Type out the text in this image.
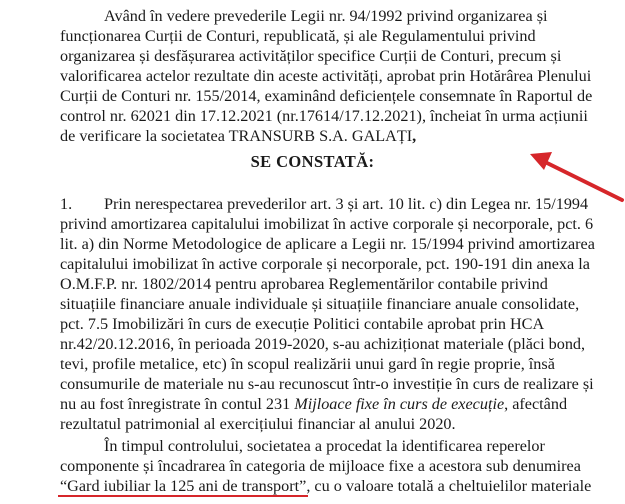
Având în vedere prevederile Legii nr. 94/1992 privind organizarea și
funcționarea Curții de Conturi, republicată, și ale Regulamentului privind
organizarea și desfășurarea activităților specifice Curții de Conturi, precum și
valorificarea actelor rezultate din aceste activități, aprobat prin Hotărârea Plenului
Curții de Conturi nr. 155/2014, examinând deficiențele consemnate în Raportul de
control nr. 62021 din 17.12.2021 (nr.17614/17.12.2021), încheiat în urma acțiunii
de verificare la societatea TRANSURB S.A. GALAȚI,
SE CONSTATĂ:
1. Prin nerespectarea prevederilor art. 3 și art. 10 lit. c) din Legea nr. 15/1994
privind amortizarea capitalului imobilizat în active corporale și necorporale, pct. 6
lit. a) din Norme Metodologice de aplicare a Legii nr. 15/1994 privind amortizarea
capitalului imobilizat în active corporale și necorporale, pct. 190-191 din anexa la
O.M.F.P. nr. 1802/2014 pentru aprobarea Reglementărilor contabile privind
situațiile financiare anuale individuale și situațiile financiare anuale consolidate,
pct. 7.5 Imobilizări în curs de execuție Politici contabile aprobat prin HCA
nr.42/20.12.2016, în perioada 2019-2020, s-au achiziționat materiale (plăci bond,
tevi, profile metalice, etc) în scopul realizării unui gard în regie proprie, însă
consumurile de materiale nu s-au recunoscut într-o investiție în curs de realizare și
nu au fost înregistrate în contul 231 Mijloace fixe în curs de execuție, afectând
rezultatul patrimonial al exercițiului financiar al anului 2020.
În timpul controlului, societatea a procedat la identificarea reperelor
componente și încadrarea în categoria de mijloace fixe a acestora sub denumirea
“Gard iubiliar la 125 ani de transport”, cu o valoare totală a cheltuielilor materiale
